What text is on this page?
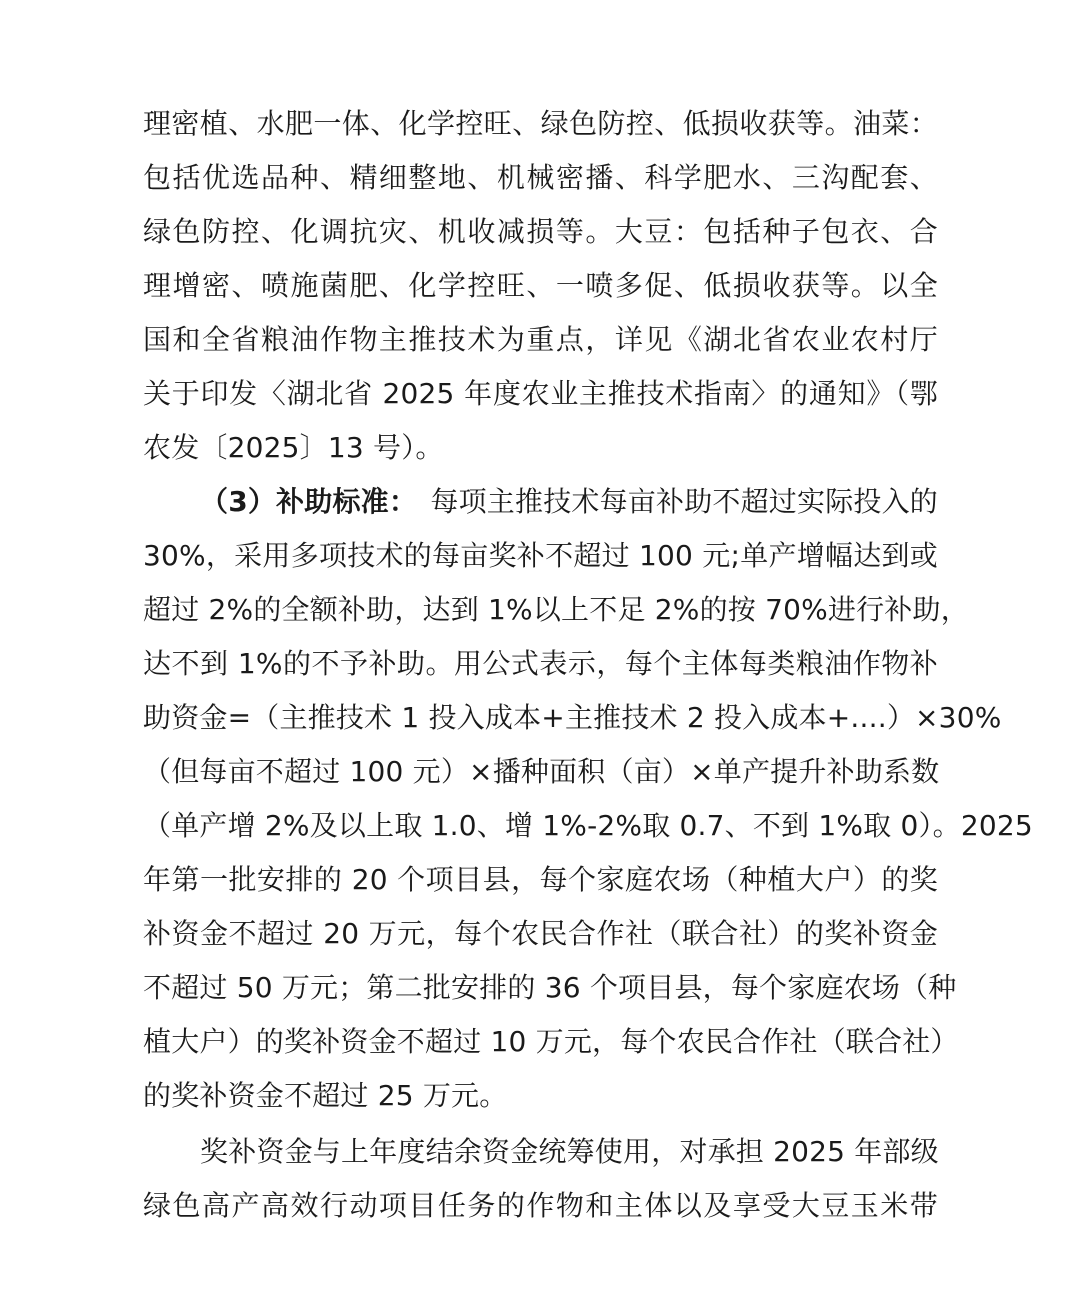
理密植、水肥一体、化学控旺、绿色防控、低损收获等。油菜：
包括优选品种、精细整地、机械密播、科学肥水、三沟配套、
绿色防控、化调抗灾、机收减损等。大豆：包括种子包衣、合
理增密、喷施菌肥、化学控旺、一喷多促、低损收获等。以全
国和全省粮油作物主推技术为重点，详见《湖北省农业农村厅
关于印发〈湖北省 2025 年度农业主推技术指南〉的通知》（鄂
农发〔2025〕13 号）。
（3）补助标准： 每项主推技术每亩补助不超过实际投入的
30%，采用多项技术的每亩奖补不超过 100 元;单产增幅达到或
超过 2%的全额补助，达到 1%以上不足 2%的按 70%进行补助，
达不到 1%的不予补助。用公式表示，每个主体每类粮油作物补
助资金=（主推技术 1 投入成本+主推技术 2 投入成本+....）×30%
（但每亩不超过 100 元）×播种面积（亩）×单产提升补助系数
（单产增 2%及以上取 1.0、增 1%-2%取 0.7、不到 1%取 0）。2025
年第一批安排的 20 个项目县，每个家庭农场（种植大户）的奖
补资金不超过 20 万元，每个农民合作社（联合社）的奖补资金
不超过 50 万元；第二批安排的 36 个项目县，每个家庭农场（种
植大户）的奖补资金不超过 10 万元，每个农民合作社（联合社）
的奖补资金不超过 25 万元。
奖补资金与上年度结余资金统筹使用，对承担 2025 年部级
绿色高产高效行动项目任务的作物和主体以及享受大豆玉米带
